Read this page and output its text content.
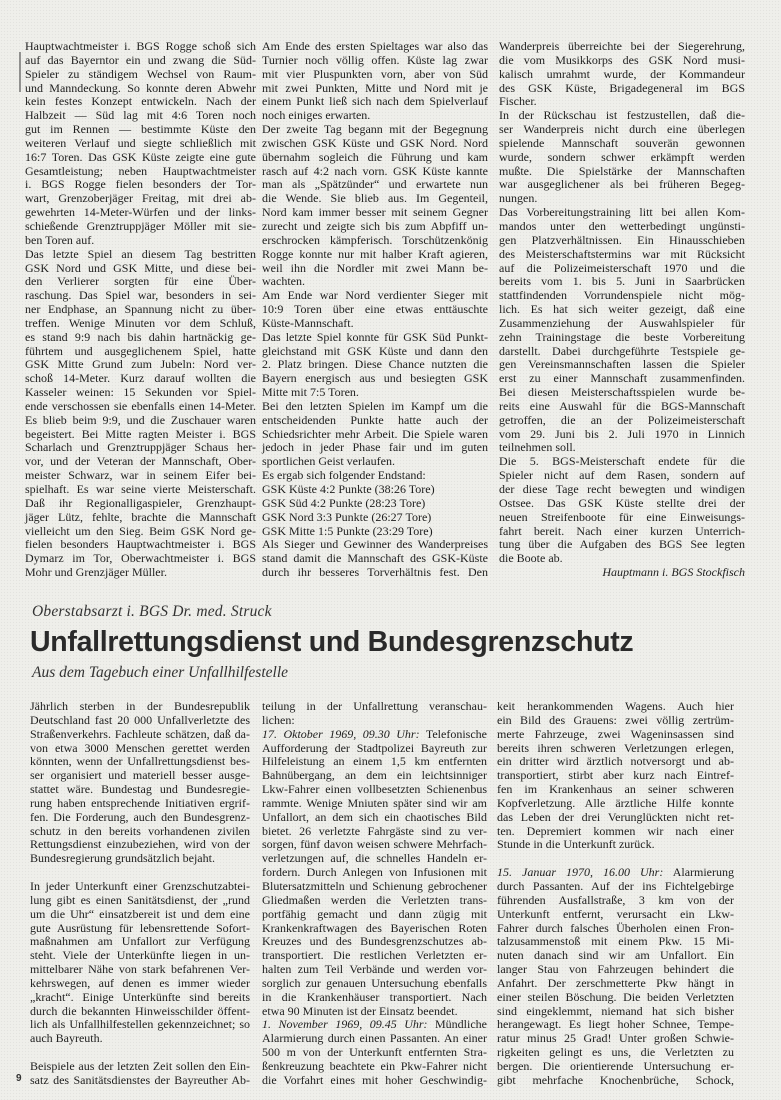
Hauptwachtmeister i. BGS Rogge schoß sich
auf das Bayerntor ein und zwang die Süd-
Spieler zu ständigem Wechsel von Raum-
und Manndeckung. So konnte deren Abwehr
kein festes Konzept entwickeln. Nach der
Halbzeit — Süd lag mit 4:6 Toren noch
gut im Rennen — bestimmte Küste den
weiteren Verlauf und siegte schließlich mit
16:7 Toren. Das GSK Küste zeigte eine gute
Gesamtleistung; neben Hauptwachtmeister
i. BGS Rogge fielen besonders der Tor-
wart, Grenzoberjäger Freitag, mit drei ab-
gewehrten 14-Meter-Würfen und der links-
schießende Grenztruppjäger Möller mit sie-
ben Toren auf.
Das letzte Spiel an diesem Tag bestritten
GSK Nord und GSK Mitte, und diese bei-
den Verlierer sorgten für eine Über-
raschung. Das Spiel war, besonders in sei-
ner Endphase, an Spannung nicht zu über-
treffen. Wenige Minuten vor dem Schluß,
es stand 9:9 nach bis dahin hartnäckig ge-
führtem und ausgeglichenem Spiel, hatte
GSK Mitte Grund zum Jubeln: Nord ver-
schoß 14-Meter. Kurz darauf wollten die
Kasseler weinen: 15 Sekunden vor Spiel-
ende verschossen sie ebenfalls einen 14-Meter.
Es blieb beim 9:9, und die Zuschauer waren
begeistert. Bei Mitte ragten Meister i. BGS
Scharlach und Grenztruppjäger Schaus her-
vor, und der Veteran der Mannschaft, Ober-
meister Schwarz, war in seinem Eifer bei-
spielhaft. Es war seine vierte Meisterschaft.
Daß ihr Regionalligaspieler, Grenzhaupt-
jäger Lütz, fehlte, brachte die Mannschaft
vielleicht um den Sieg. Beim GSK Nord ge-
fielen besonders Hauptwachtmeister i. BGS
Dymarz im Tor, Oberwachtmeister i. BGS
Mohr und Grenzjäger Müller.
Am Ende des ersten Spieltages war also das
Turnier noch völlig offen. Küste lag zwar
mit vier Pluspunkten vorn, aber von Süd
mit zwei Punkten, Mitte und Nord mit je
einem Punkt ließ sich nach dem Spielverlauf
noch einiges erwarten.
Der zweite Tag begann mit der Begegnung
zwischen GSK Küste und GSK Nord. Nord
übernahm sogleich die Führung und kam
rasch auf 4:2 nach vorn. GSK Küste kannte
man als „Spätzünder“ und erwartete nun
die Wende. Sie blieb aus. Im Gegenteil,
Nord kam immer besser mit seinem Gegner
zurecht und zeigte sich bis zum Abpfiff un-
erschrocken kämpferisch. Torschützenkönig
Rogge konnte nur mit halber Kraft agieren,
weil ihn die Nordler mit zwei Mann be-
wachten.
Am Ende war Nord verdienter Sieger mit
10:9 Toren über eine etwas enttäuschte
Küste-Mannschaft.
Das letzte Spiel konnte für GSK Süd Punkt-
gleichstand mit GSK Küste und dann den
2. Platz bringen. Diese Chance nutzten die
Bayern energisch aus und besiegten GSK
Mitte mit 7:5 Toren.
Bei den letzten Spielen im Kampf um die
entscheidenden Punkte hatte auch der
Schiedsrichter mehr Arbeit. Die Spiele waren
jedoch in jeder Phase fair und im guten
sportlichen Geist verlaufen.
Es ergab sich folgender Endstand:
GSK Küste 4:2 Punkte (38:26 Tore)
GSK Süd 4:2 Punkte (28:23 Tore)
GSK Nord 3:3 Punkte (26:27 Tore)
GSK Mitte 1:5 Punkte (23:29 Tore)
Als Sieger und Gewinner des Wanderpreises
stand damit die Mannschaft des GSK-Küste
durch ihr besseres Torverhältnis fest. Den
Wanderpreis überreichte bei der Siegerehrung,
die vom Musikkorps des GSK Nord musi-
kalisch umrahmt wurde, der Kommandeur
des GSK Küste, Brigadegeneral im BGS
Fischer.
In der Rückschau ist festzustellen, daß die-
ser Wanderpreis nicht durch eine überlegen
spielende Mannschaft souverän gewonnen
wurde, sondern schwer erkämpft werden
mußte. Die Spielstärke der Mannschaften
war ausgeglichener als bei früheren Begeg-
nungen.
Das Vorbereitungstraining litt bei allen Kom-
mandos unter den wetterbedingt ungünsti-
gen Platzverhältnissen. Ein Hinausschieben
des Meisterschaftstermins war mit Rücksicht
auf die Polizeimeisterschaft 1970 und die
bereits vom 1. bis 5. Juni in Saarbrücken
stattfindenden Vorrundenspiele nicht mög-
lich. Es hat sich weiter gezeigt, daß eine
Zusammenziehung der Auswahlspieler für
zehn Trainingstage die beste Vorbereitung
darstellt. Dabei durchgeführte Testspiele ge-
gen Vereinsmannschaften lassen die Spieler
erst zu einer Mannschaft zusammenfinden.
Bei diesen Meisterschaftsspielen wurde be-
reits eine Auswahl für die BGS-Mannschaft
getroffen, die an der Polizeimeisterschaft
vom 29. Juni bis 2. Juli 1970 in Linnich
teilnehmen soll.
Die 5. BGS-Meisterschaft endete für die
Spieler nicht auf dem Rasen, sondern auf
der diese Tage recht bewegten und windigen
Ostsee. Das GSK Küste stellte drei der
neuen Streifenboote für eine Einweisungs-
fahrt bereit. Nach einer kurzen Unterrich-
tung über die Aufgaben des BGS See legten
die Boote ab.
Hauptmann i. BGS Stockfisch
Oberstabsarzt i. BGS Dr. med. Struck
Unfallrettungsdienst und Bundesgrenzschutz
Aus dem Tagebuch einer Unfallhilfestelle
Jährlich sterben in der Bundesrepublik
Deutschland fast 20 000 Unfallverletzte des
Straßenverkehrs. Fachleute schätzen, daß da-
von etwa 3000 Menschen gerettet werden
könnten, wenn der Unfallrettungsdienst bes-
ser organisiert und materiell besser ausge-
stattet wäre. Bundestag und Bundesregie-
rung haben entsprechende Initiativen ergrif-
fen. Die Forderung, auch den Bundesgrenz-
schutz in den bereits vorhandenen zivilen
Rettungsdienst einzubeziehen, wird von der
Bundesregierung grundsätzlich bejaht.
In jeder Unterkunft einer Grenzschutzabtei-
lung gibt es einen Sanitätsdienst, der „rund
um die Uhr“ einsatzbereit ist und dem eine
gute Ausrüstung für lebensrettende Sofort-
maßnahmen am Unfallort zur Verfügung
steht. Viele der Unterkünfte liegen in un-
mittelbarer Nähe von stark befahrenen Ver-
kehrswegen, auf denen es immer wieder
„kracht“. Einige Unterkünfte sind bereits
durch die bekannten Hinweisschilder öffent-
lich als Unfallhilfestellen gekennzeichnet; so
auch Bayreuth.
Beispiele aus der letzten Zeit sollen den Ein-
satz des Sanitätsdienstes der Bayreuther Ab-
teilung in der Unfallrettung veranschau-
lichen:
17. Oktober 1969, 09.30 Uhr: Telefonische
Aufforderung der Stadtpolizei Bayreuth zur
Hilfeleistung an einem 1,5 km entfernten
Bahnübergang, an dem ein leichtsinniger
Lkw-Fahrer einen vollbesetzten Schienenbus
rammte. Wenige Mniuten später sind wir am
Unfallort, an dem sich ein chaotisches Bild
bietet. 26 verletzte Fahrgäste sind zu ver-
sorgen, fünf davon weisen schwere Mehrfach-
verletzungen auf, die schnelles Handeln er-
fordern. Durch Anlegen von Infusionen mit
Blutersatzmitteln und Schienung gebrochener
Gliedmaßen werden die Verletzten trans-
portfähig gemacht und dann zügig mit
Krankenkraftwagen des Bayerischen Roten
Kreuzes und des Bundesgrenzschutzes ab-
transportiert. Die restlichen Verletzten er-
halten zum Teil Verbände und werden vor-
sorglich zur genauen Untersuchung ebenfalls
in die Krankenhäuser transportiert. Nach
etwa 90 Minuten ist der Einsatz beendet.
1. November 1969, 09.45 Uhr: Mündliche
Alarmierung durch einen Passanten. An einer
500 m von der Unterkunft entfernten Stra-
ßenkreuzung beachtete ein Pkw-Fahrer nicht
die Vorfahrt eines mit hoher Geschwindig-
keit herankommenden Wagens. Auch hier
ein Bild des Grauens: zwei völlig zertrüm-
merte Fahrzeuge, zwei Wageninsassen sind
bereits ihren schweren Verletzungen erlegen,
ein dritter wird ärztlich notversorgt und ab-
transportiert, stirbt aber kurz nach Eintref-
fen im Krankenhaus an seiner schweren
Kopfverletzung. Alle ärztliche Hilfe konnte
das Leben der drei Verunglückten nicht ret-
ten. Depremiert kommen wir nach einer
Stunde in die Unterkunft zurück.
15. Januar 1970, 16.00 Uhr: Alarmierung
durch Passanten. Auf der ins Fichtelgebirge
führenden Ausfallstraße, 3 km von der
Unterkunft entfernt, verursacht ein Lkw-
Fahrer durch falsches Überholen einen Fron-
talzusammenstoß mit einem Pkw. 15 Mi-
nuten danach sind wir am Unfallort. Ein
langer Stau von Fahrzeugen behindert die
Anfahrt. Der zerschmetterte Pkw hängt in
einer steilen Böschung. Die beiden Verletzten
sind eingeklemmt, niemand hat sich bisher
herangewagt. Es liegt hoher Schnee, Tempe-
ratur minus 25 Grad! Unter großen Schwie-
rigkeiten gelingt es uns, die Verletzten zu
bergen. Die orientierende Untersuchung er-
gibt mehrfache Knochenbrüche, Schock,
9
